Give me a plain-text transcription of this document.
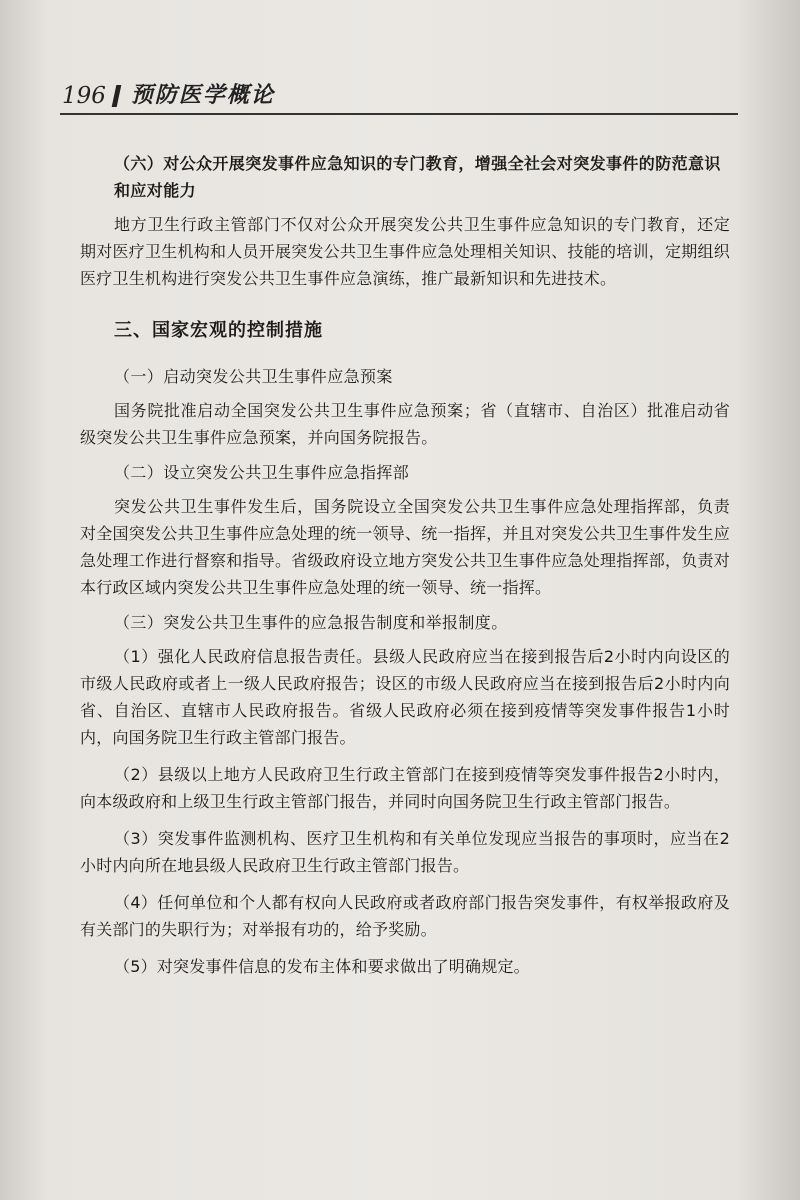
196 预防医学概论

（六）对公众开展突发事件应急知识的专门教育，增强全社会对突发事件的防范意识和应对能力

地方卫生行政主管部门不仅对公众开展突发公共卫生事件应急知识的专门教育，还定期对医疗卫生机构和人员开展突发公共卫生事件应急处理相关知识、技能的培训，定期组织医疗卫生机构进行突发公共卫生事件应急演练，推广最新知识和先进技术。

三、国家宏观的控制措施

（一）启动突发公共卫生事件应急预案

国务院批准启动全国突发公共卫生事件应急预案；省（直辖市、自治区）批准启动省级突发公共卫生事件应急预案，并向国务院报告。

（二）设立突发公共卫生事件应急指挥部

突发公共卫生事件发生后，国务院设立全国突发公共卫生事件应急处理指挥部，负责对全国突发公共卫生事件应急处理的统一领导、统一指挥，并且对突发公共卫生事件发生应急处理工作进行督察和指导。省级政府设立地方突发公共卫生事件应急处理指挥部，负责对本行政区域内突发公共卫生事件应急处理的统一领导、统一指挥。

（三）突发公共卫生事件的应急报告制度和举报制度。

（1）强化人民政府信息报告责任。县级人民政府应当在接到报告后2小时内向设区的市级人民政府或者上一级人民政府报告；设区的市级人民政府应当在接到报告后2小时内向省、自治区、直辖市人民政府报告。省级人民政府必须在接到疫情等突发事件报告1小时内，向国务院卫生行政主管部门报告。

（2）县级以上地方人民政府卫生行政主管部门在接到疫情等突发事件报告2小时内，向本级政府和上级卫生行政主管部门报告，并同时向国务院卫生行政主管部门报告。

（3）突发事件监测机构、医疗卫生机构和有关单位发现应当报告的事项时，应当在2小时内向所在地县级人民政府卫生行政主管部门报告。

（4）任何单位和个人都有权向人民政府或者政府部门报告突发事件，有权举报政府及有关部门的失职行为；对举报有功的，给予奖励。

（5）对突发事件信息的发布主体和要求做出了明确规定。
